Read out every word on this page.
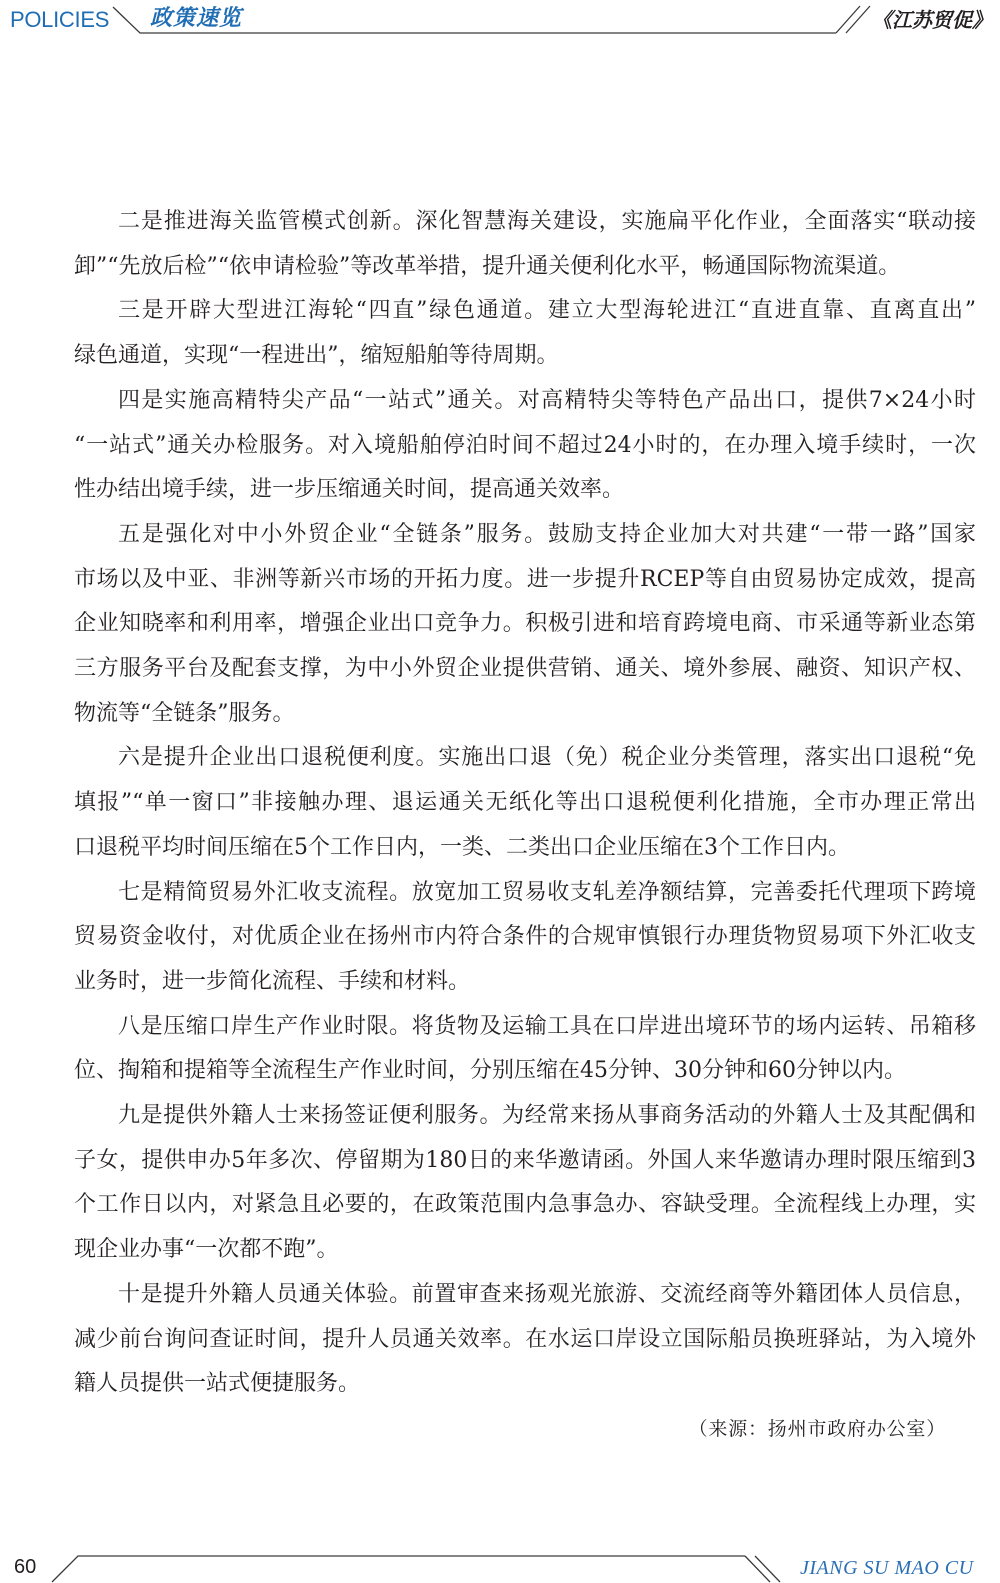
POLICIES 政策速览	《江苏贸促》
二是推进海关监管模式创新。深化智慧海关建设，实施扁平化作业，全面落实“联动接
卸”“先放后检”“依申请检验”等改革举措，提升通关便利化水平，畅通国际物流渠道。
三是开辟大型进江海轮“四直”绿色通道。建立大型海轮进江“直进直靠、直离直出”
绿色通道，实现“一程进出”，缩短船舶等待周期。
四是实施高精特尖产品“一站式”通关。对高精特尖等特色产品出口，提供7×24小时
“一站式”通关办检服务。对入境船舶停泊时间不超过24小时的，在办理入境手续时，一次
性办结出境手续，进一步压缩通关时间，提高通关效率。
五是强化对中小外贸企业“全链条”服务。鼓励支持企业加大对共建“一带一路”国家
市场以及中亚、非洲等新兴市场的开拓力度。进一步提升RCEP等自由贸易协定成效，提高
企业知晓率和利用率，增强企业出口竞争力。积极引进和培育跨境电商、市采通等新业态第
三方服务平台及配套支撑，为中小外贸企业提供营销、通关、境外参展、融资、知识产权、
物流等“全链条”服务。
六是提升企业出口退税便利度。实施出口退（免）税企业分类管理，落实出口退税“免
填报”“单一窗口”非接触办理、退运通关无纸化等出口退税便利化措施，全市办理正常出
口退税平均时间压缩在5个工作日内，一类、二类出口企业压缩在3个工作日内。
七是精简贸易外汇收支流程。放宽加工贸易收支轧差净额结算，完善委托代理项下跨境
贸易资金收付，对优质企业在扬州市内符合条件的合规审慎银行办理货物贸易项下外汇收支
业务时，进一步简化流程、手续和材料。
八是压缩口岸生产作业时限。将货物及运输工具在口岸进出境环节的场内运转、吊箱移
位、掏箱和提箱等全流程生产作业时间，分别压缩在45分钟、30分钟和60分钟以内。
九是提供外籍人士来扬签证便利服务。为经常来扬从事商务活动的外籍人士及其配偶和
子女，提供申办5年多次、停留期为180日的来华邀请函。外国人来华邀请办理时限压缩到3
个工作日以内，对紧急且必要的，在政策范围内急事急办、容缺受理。全流程线上办理，实
现企业办事“一次都不跑”。
十是提升外籍人员通关体验。前置审查来扬观光旅游、交流经商等外籍团体人员信息，
减少前台询问查证时间，提升人员通关效率。在水运口岸设立国际船员换班驿站，为入境外
籍人员提供一站式便捷服务。
（来源：扬州市政府办公室）
60	JIANG SU MAO CU
